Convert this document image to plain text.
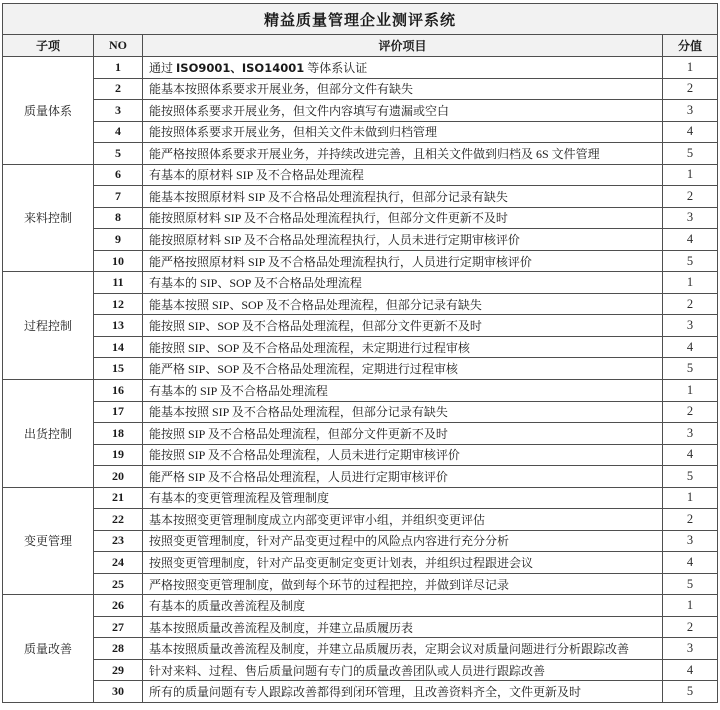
精益质量管理企业测评系统			
子项	NO	评价项目	分值
质量体系	1	通过 ISO9001、ISO14001 等体系认证	1
	2	能基本按照体系要求开展业务，但部分文件有缺失	2
	3	能按照体系要求开展业务，但文件内容填写有遗漏或空白	3
	4	能按照体系要求开展业务，但相关文件未做到归档管理	4
	5	能严格按照体系要求开展业务，并持续改进完善，且相关文件做到归档及 6S 文件管理	5
来料控制	6	有基本的原材料 SIP 及不合格品处理流程	1
	7	能基本按照原材料 SIP 及不合格品处理流程执行，但部分记录有缺失	2
	8	能按照原材料 SIP 及不合格品处理流程执行，但部分文件更新不及时	3
	9	能按照原材料 SIP 及不合格品处理流程执行，人员未进行定期审核评价	4
	10	能严格按照原材料 SIP 及不合格品处理流程执行，人员进行定期审核评价	5
过程控制	11	有基本的 SIP、SOP 及不合格品处理流程	1
	12	能基本按照 SIP、SOP 及不合格品处理流程，但部分记录有缺失	2
	13	能按照 SIP、SOP 及不合格品处理流程，但部分文件更新不及时	3
	14	能按照 SIP、SOP 及不合格品处理流程，未定期进行过程审核	4
	15	能严格 SIP、SOP 及不合格品处理流程，定期进行过程审核	5
出货控制	16	有基本的 SIP 及不合格品处理流程	1
	17	能基本按照 SIP 及不合格品处理流程，但部分记录有缺失	2
	18	能按照 SIP 及不合格品处理流程，但部分文件更新不及时	3
	19	能按照 SIP 及不合格品处理流程，人员未进行定期审核评价	4
	20	能严格 SIP 及不合格品处理流程，人员进行定期审核评价	5
变更管理	21	有基本的变更管理流程及管理制度	1
	22	基本按照变更管理制度成立内部变更评审小组，并组织变更评估	2
	23	按照变更管理制度，针对产品变更过程中的风险点内容进行充分分析	3
	24	按照变更管理制度，针对产品变更制定变更计划表，并组织过程跟进会议	4
	25	严格按照变更管理制度，做到每个环节的过程把控，并做到详尽记录	5
质量改善	26	有基本的质量改善流程及制度	1
	27	基本按照质量改善流程及制度，并建立品质履历表	2
	28	基本按照质量改善流程及制度，并建立品质履历表，定期会议对质量问题进行分析跟踪改善	3
	29	针对来料、过程、售后质量问题有专门的质量改善团队或人员进行跟踪改善	4
	30	所有的质量问题有专人跟踪改善都得到闭环管理，且改善资料齐全，文件更新及时	5
